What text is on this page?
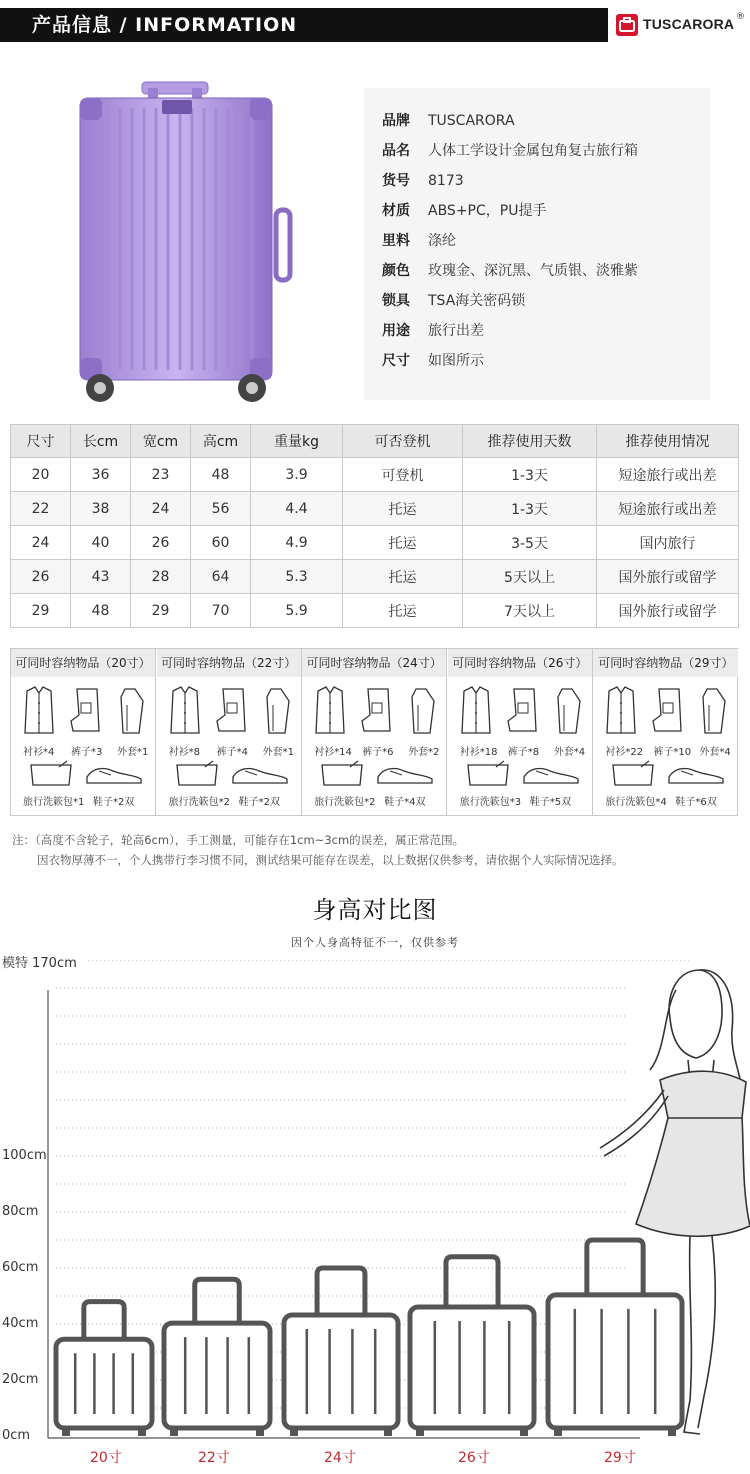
产品信息 / INFORMATION	TUSCARORA ®
品牌	TUSCARORA
品名	人体工学设计金属包角复古旅行箱
货号	8173
材质	ABS+PC，PU提手
里料	涤纶
颜色	玫瑰金、深沉黑、气质银、淡雅紫
锁具	TSA海关密码锁
用途	旅行出差
尺寸	如图所示
尺寸	长cm	宽cm	高cm	重量kg	可否登机	推荐使用天数	推荐使用情况
20	36	23	48	3.9	可登机	1-3天	短途旅行或出差
22	38	24	56	4.4	托运	1-3天	短途旅行或出差
24	40	26	60	4.9	托运	3-5天	国内旅行
26	43	28	64	5.3	托运	5天以上	国外旅行或留学
29	48	29	70	5.9	托运	7天以上	国外旅行或留学
可同时容纳物品（20寸）
衬衫*4 裤子*3 外套*1
旅行洗簌包*1 鞋子*2双
可同时容纳物品（22寸）
衬衫*8 裤子*4 外套*1
旅行洗簌包*2 鞋子*2双
可同时容纳物品（24寸）
衬衫*14 裤子*6 外套*2
旅行洗簌包*2 鞋子*4双
可同时容纳物品（26寸）
衬衫*18 裤子*8 外套*4
旅行洗簌包*3 鞋子*5双
可同时容纳物品（29寸）
衬衫*22 裤子*10 外套*4
旅行洗簌包*4 鞋子*6双
注：（高度不含轮子，轮高6cm），手工测量，可能存在1cm~3cm的误差，属正常范围。
因衣物厚薄不一，个人携带行李习惯不同，测试结果可能存在误差，以上数据仅供参考，请依据个人实际情况选择。
身高对比图
因个人身高特征不一，仅供参考
模特 170cm
100cm
80cm
60cm
40cm
20cm
0cm
20寸	22寸	24寸	26寸	29寸
